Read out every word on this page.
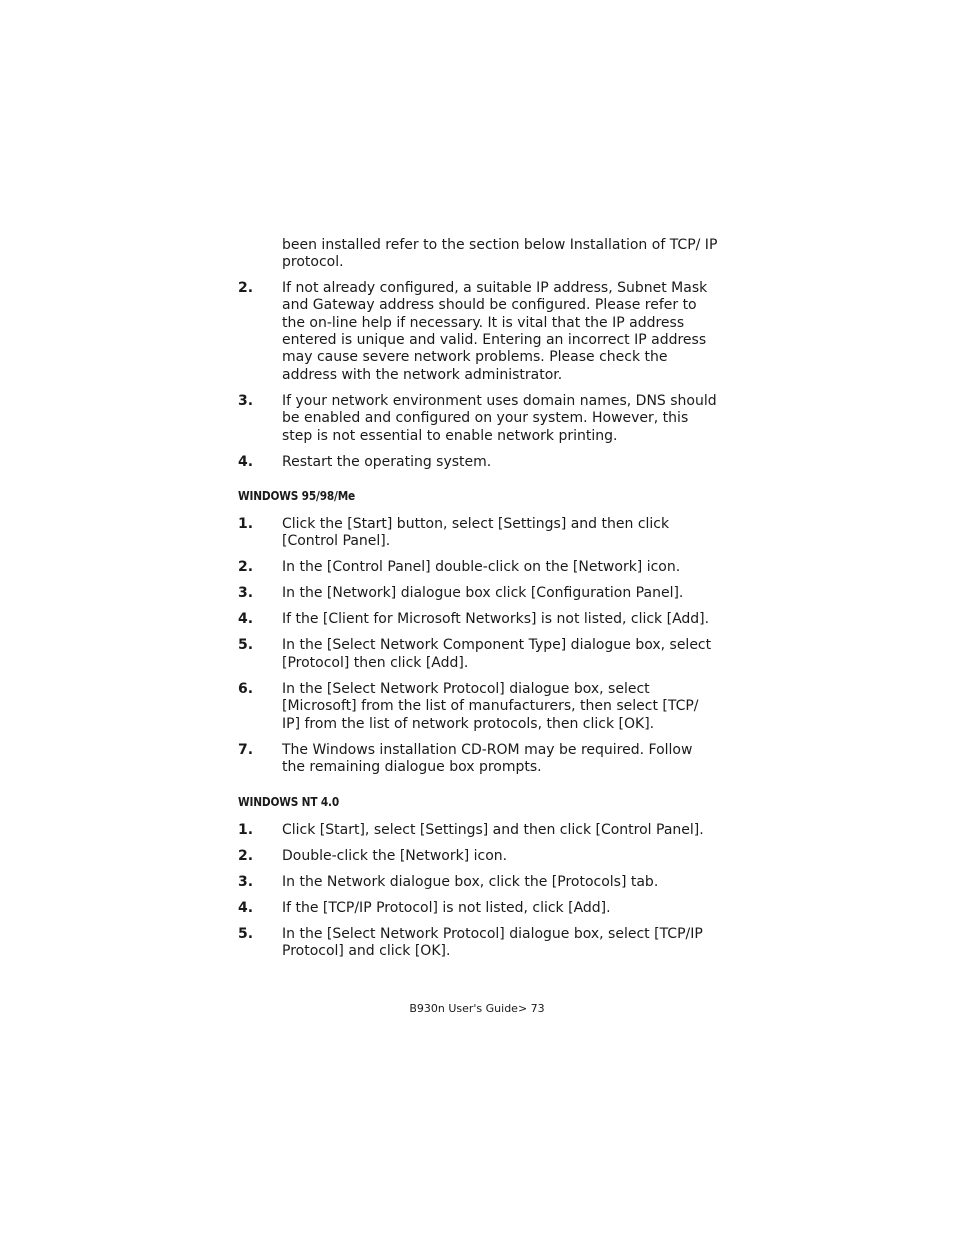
been installed refer to the section below Installation of TCP/ IP protocol.

2.	If not already configured, a suitable IP address, Subnet Mask and Gateway address should be configured. Please refer to the on-line help if necessary. It is vital that the IP address entered is unique and valid. Entering an incorrect IP address may cause severe network problems. Please check the address with the network administrator.
3.	If your network environment uses domain names, DNS should be enabled and configured on your system. However, this step is not essential to enable network printing.
4.	Restart the operating system.
WINDOWS 95/98/Me
1.	Click the [Start] button, select [Settings] and then click [Control Panel].
2.	In the [Control Panel] double-click on the [Network] icon.
3.	In the [Network] dialogue box click [Configuration Panel].
4.	If the [Client for Microsoft Networks] is not listed, click [Add].
5.	In the [Select Network Component Type] dialogue box, select [Protocol] then click [Add].
6.	In the [Select Network Protocol] dialogue box, select [Microsoft] from the list of manufacturers, then select [TCP/ IP] from the list of network protocols, then click [OK].
7.	The Windows installation CD-ROM may be required. Follow the remaining dialogue box prompts.
WINDOWS NT 4.0
1.	Click [Start], select [Settings] and then click [Control Panel].
2.	Double-click the [Network] icon.
3.	In the Network dialogue box, click the [Protocols] tab.
4.	If the [TCP/IP Protocol] is not listed, click [Add].
5.	In the [Select Network Protocol] dialogue box, select [TCP/IP Protocol] and click [OK].
B930n User's Guide> 73
